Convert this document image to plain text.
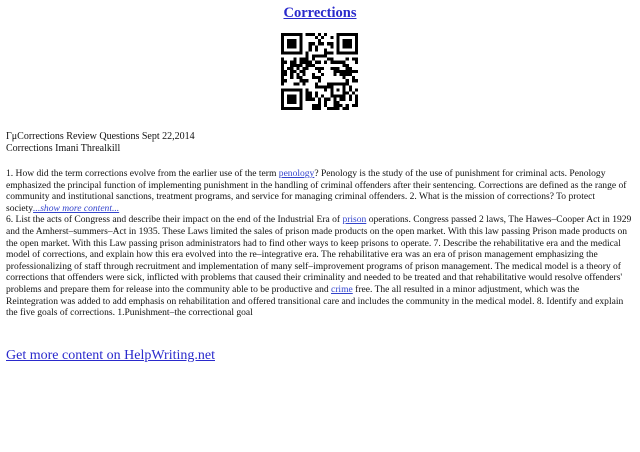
Corrections
ΓμCorrections Review Questions Sept 22,2014
Corrections Imani Threalkill
1. How did the term corrections evolve from the earlier use of the term penology? Penology is the study of the use of punishment for criminal acts. Penology emphasized the principal function of implementing punishment in the handling of criminal offenders after their sentencing. Corrections are defined as the range of community and institutional sanctions, treatment programs, and service for managing criminal offenders. 2. What is the mission of corrections? To protect society...show more content...
6. List the acts of Congress and describe their impact on the end of the Industrial Era of prison operations. Congress passed 2 laws, The Hawes–Cooper Act in 1929 and the Amherst–summers–Act in 1935. These Laws limited the sales of prison made products on the open market. With this law passing Prison made products on the open market. With this Law passing prison administrators had to find other ways to keep prisons to operate. 7. Describe the rehabilitative era and the medical model of corrections, and explain how this era evolved into the re–integrative era. The rehabilitative era was an era of prison management emphasizing the professionalizing of staff through recruitment and implementation of many self–improvement programs of prison management. The medical model is a theory of corrections that offenders were sick, inflicted with problems that caused their criminality and needed to be treated and that rehabilitative would resolve offenders' problems and prepare them for release into the community able to be productive and crime free. The all resulted in a minor adjustment, which was the Reintegration was added to add emphasis on rehabilitation and offered transitional care and includes the community in the medical model. 8. Identify and explain the five goals of corrections. 1.Punishment–the correctional goal
Get more content on HelpWriting.net
